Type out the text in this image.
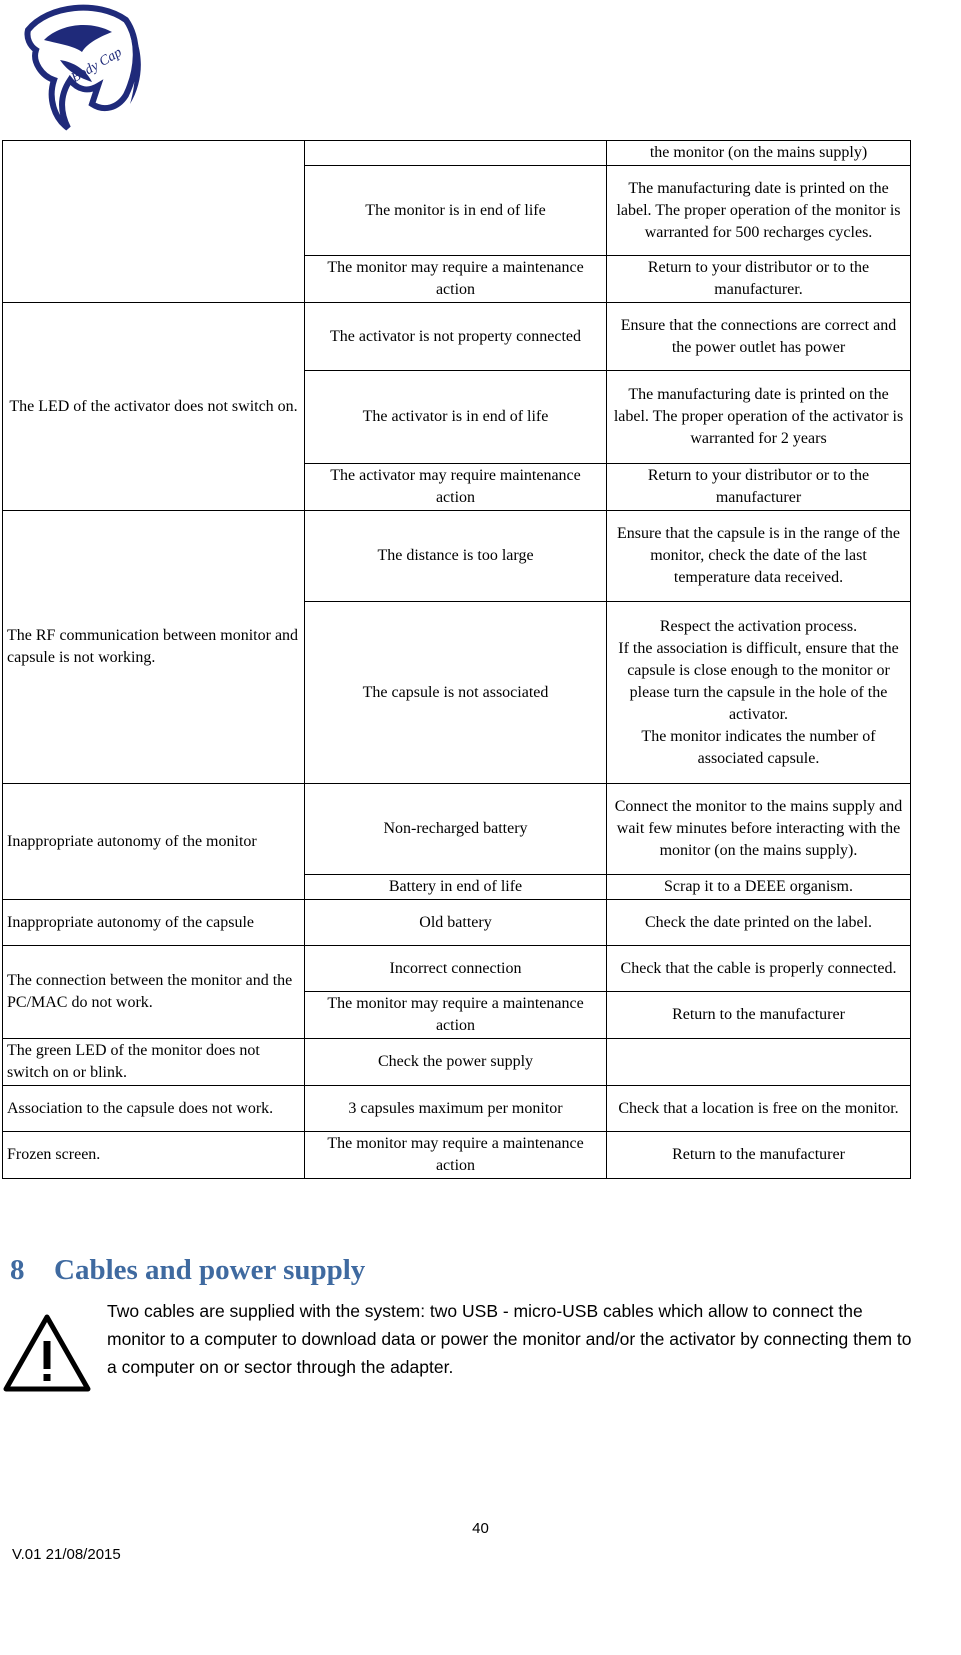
Body Cap
		the monitor (on the mains supply)
	The monitor is in end of life	The manufacturing date is printed on the label. The proper operation of the monitor is warranted for 500 recharges cycles.
	The monitor may require a maintenance action	Return to your distributor or to the manufacturer.
The LED of the activator does not switch on.	The activator is not property connected	Ensure that the connections are correct and the power outlet has power
	The activator is in end of life	The manufacturing date is printed on the label. The proper operation of the activator is warranted for 2 years
	The activator may require maintenance action	Return to your distributor or to the manufacturer
The RF communication between monitor and capsule is not working.	The distance is too large	Ensure that the capsule is in the range of the monitor, check the date of the last temperature data received.
	The capsule is not associated	Respect the activation process.
If the association is difficult, ensure that the capsule is close enough to the monitor or please turn the capsule in the hole of the activator.
The monitor indicates the number of associated capsule.

Inappropriate autonomy of the monitor	Non-recharged battery	Connect the monitor to the mains supply and wait few minutes before interacting with the monitor (on the mains supply).
	Battery in end of life	Scrap it to a DEEE organism.
Inappropriate autonomy of the capsule	Old battery	Check the date printed on the label.
The connection between the monitor and the PC/MAC do not work.	Incorrect connection	Check that the cable is properly connected.
	The monitor may require a maintenance action	Return to the manufacturer
The green LED of the monitor does not switch on or blink.	Check the power supply	
Association to the capsule does not work.	3 capsules maximum per monitor	Check that a location is free on the monitor.
Frozen screen.	The monitor may require a maintenance action	Return to the manufacturer
8 Cables and power supply
Two cables are supplied with the system: two USB - micro-USB cables which allow to connect the monitor to a computer to download data or power the monitor and/or the activator by connecting them to a computer on or sector through the adapter.
40
V.01 21/08/2015
